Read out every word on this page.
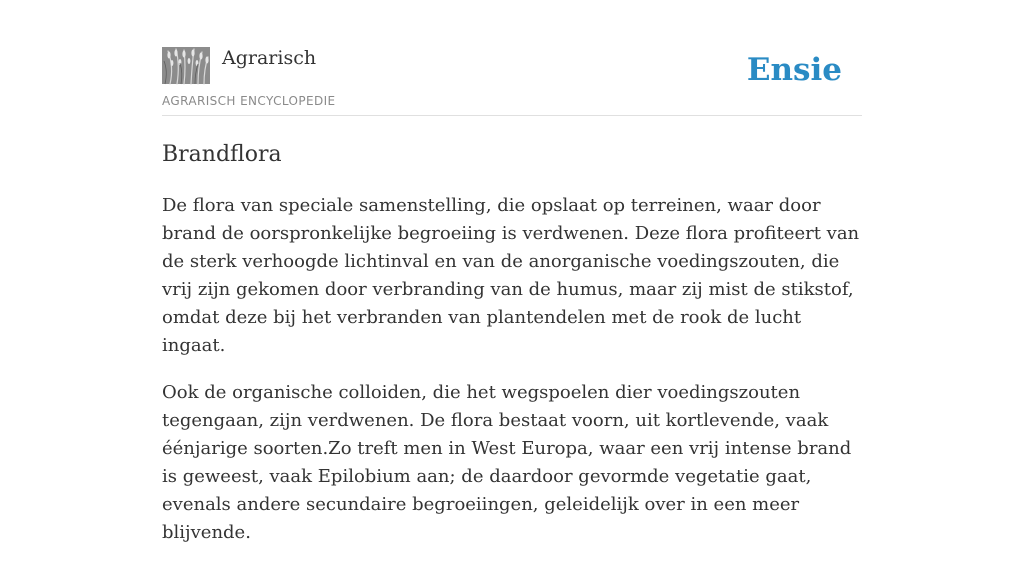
Agrarisch

AGRARISCH ENCYCLOPEDIE

Ensie
Brandflora

De flora van speciale samenstelling, die opslaat op terreinen, waar door brand de oorspronkelijke begroeiing is verdwenen. Deze flora profiteert van de sterk verhoogde lichtinval en van de anorganische voedingszouten, die vrij zijn gekomen door verbranding van de humus, maar zij mist de stikstof, omdat deze bij het verbranden van plantendelen met de rook de lucht ingaat.

Ook de organische colloiden, die het wegspoelen dier voedingszouten tegengaan, zijn verdwenen. De flora bestaat voorn, uit kortlevende, vaak éénjarige soorten.Zo treft men in West Europa, waar een vrij intense brand is geweest, vaak Epilobium aan; de daardoor gevormde vegetatie gaat, evenals andere secundaire begroeiingen, geleidelijk over in een meer blijvende.
